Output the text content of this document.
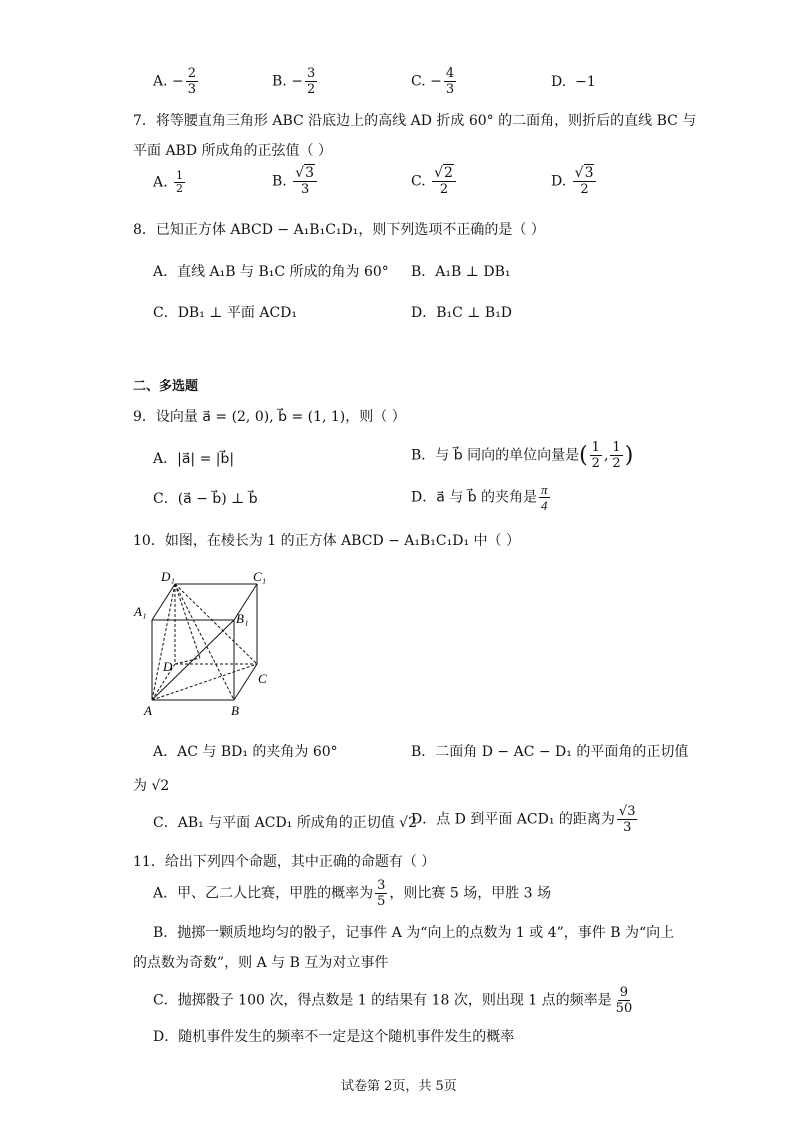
A. − $\frac{2}{3}$	B. − $\frac{3}{2}$	C. − $\frac{4}{3}$	D. −1
7．将等腰直角三角形 ABC 沿底边上的高线 AD 折成 60° 的二面角，则折后的直线 BC 与
平面 ABD 所成角的正弦值（ ）
A. $\frac{1}{2}$	B. $\frac{√3}{3}$	C. $\frac{√2}{2}$	D. $\frac{√3}{2}$
8．已知正方体 ABCD − A₁B₁C₁D₁，则下列选项不正确的是（ ）
A．直线 A₁B 与 B₁C 所成的角为 60° B．A₁B ⊥ DB₁
C．DB₁ ⊥ 平面 ACD₁	D．B₁C ⊥ B₁D
二、多选题
9．设向量 a⃗ = (2, 0), b⃗ = (1, 1)，则（ ）
A．|a⃗| = |b⃗|	B．与 b⃗ 同向的单位向量是( $\frac{1}{2}$ , $\frac{1}{2}$ )
C．(a⃗ − b⃗) ⊥ b⃗	D．a⃗ 与 b⃗ 的夹角是 $\frac{\pi}{4}$
10．如图，在棱长为 1 的正方体 ABCD − A₁B₁C₁D₁ 中（ ）
D₁	C₁
A₁	B₁
D
C
A	B
A．AC 与 BD₁ 的夹角为 60°	B．二面角 D − AC − D₁ 的平面角的正切值
为 √2
C．AB₁ 与平面 ACD₁ 所成角的正切值 √2
D．点 D 到平面 ACD₁ 的距离为 $\frac{√3}{3}$
11．给出下列四个命题，其中正确的命题有（ ）
A．甲、乙二人比赛，甲胜的概率为 $\frac{3}{5}$ ，则比赛 5 场，甲胜 3 场
B．抛掷一颗质地均匀的骰子，记事件 A 为“向上的点数为 1 或 4”，事件 B 为“向上
的点数为奇数”，则 A 与 B 互为对立事件
C．抛掷骰子 100 次，得点数是 1 的结果有 18 次，则出现 1 点的频率是 $\frac{9}{50}$
D．随机事件发生的频率不一定是这个随机事件发生的概率
试卷第 2页，共 5页
